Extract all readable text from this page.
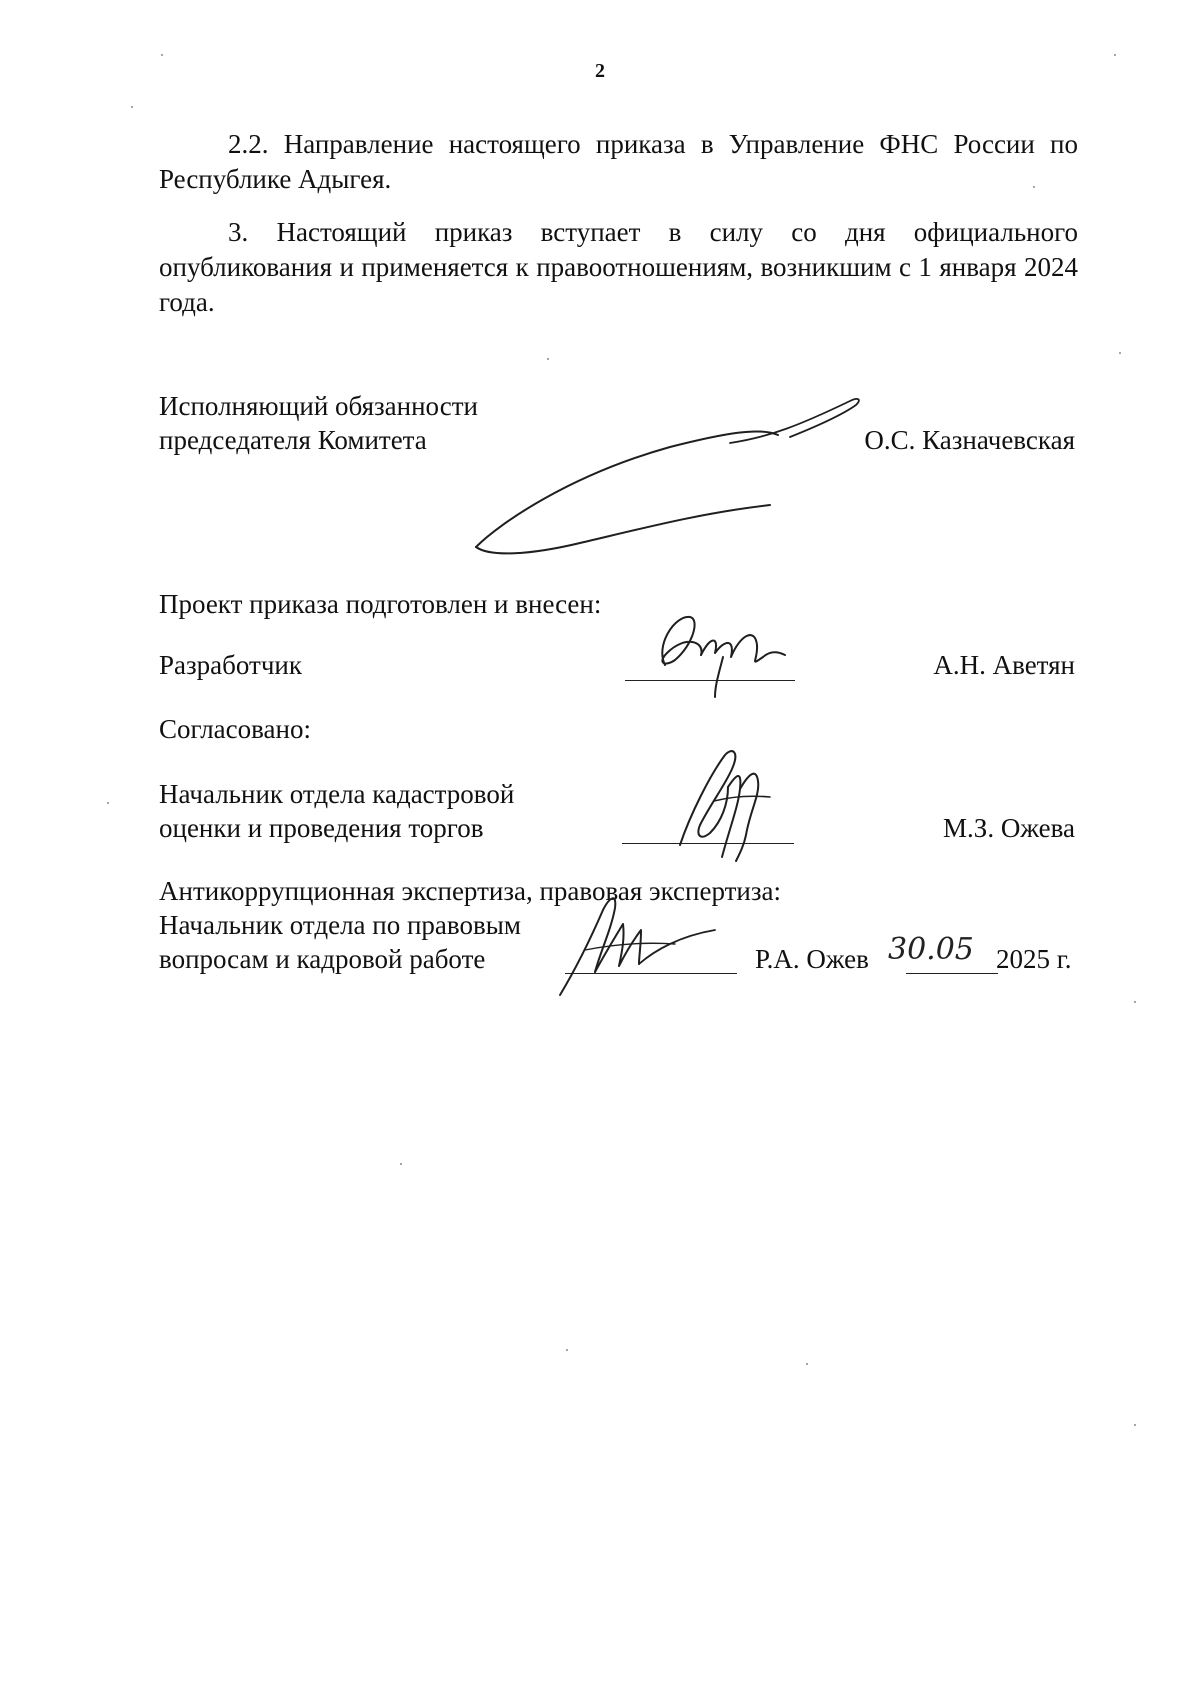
2
2.2. Направление настоящего приказа в Управление ФНС России по Республике Адыгея.
3. Настоящий приказ вступает в силу со дня официального опубликования и применяется к правоотношениям, возникшим с 1 января 2024 года.
Исполняющий обязанности
председателя Комитета	О.С. Казначевская
Проект приказа подготовлен и внесен:
Разработчик	А.Н. Аветян
Согласовано:
Начальник отдела кадастровой
оценки и проведения торгов	М.З. Ожева
Антикоррупционная экспертиза, правовая экспертиза:
Начальник отдела по правовым
вопросам и кадровой работе	Р.А. Ожев 30.05 2025 г.
